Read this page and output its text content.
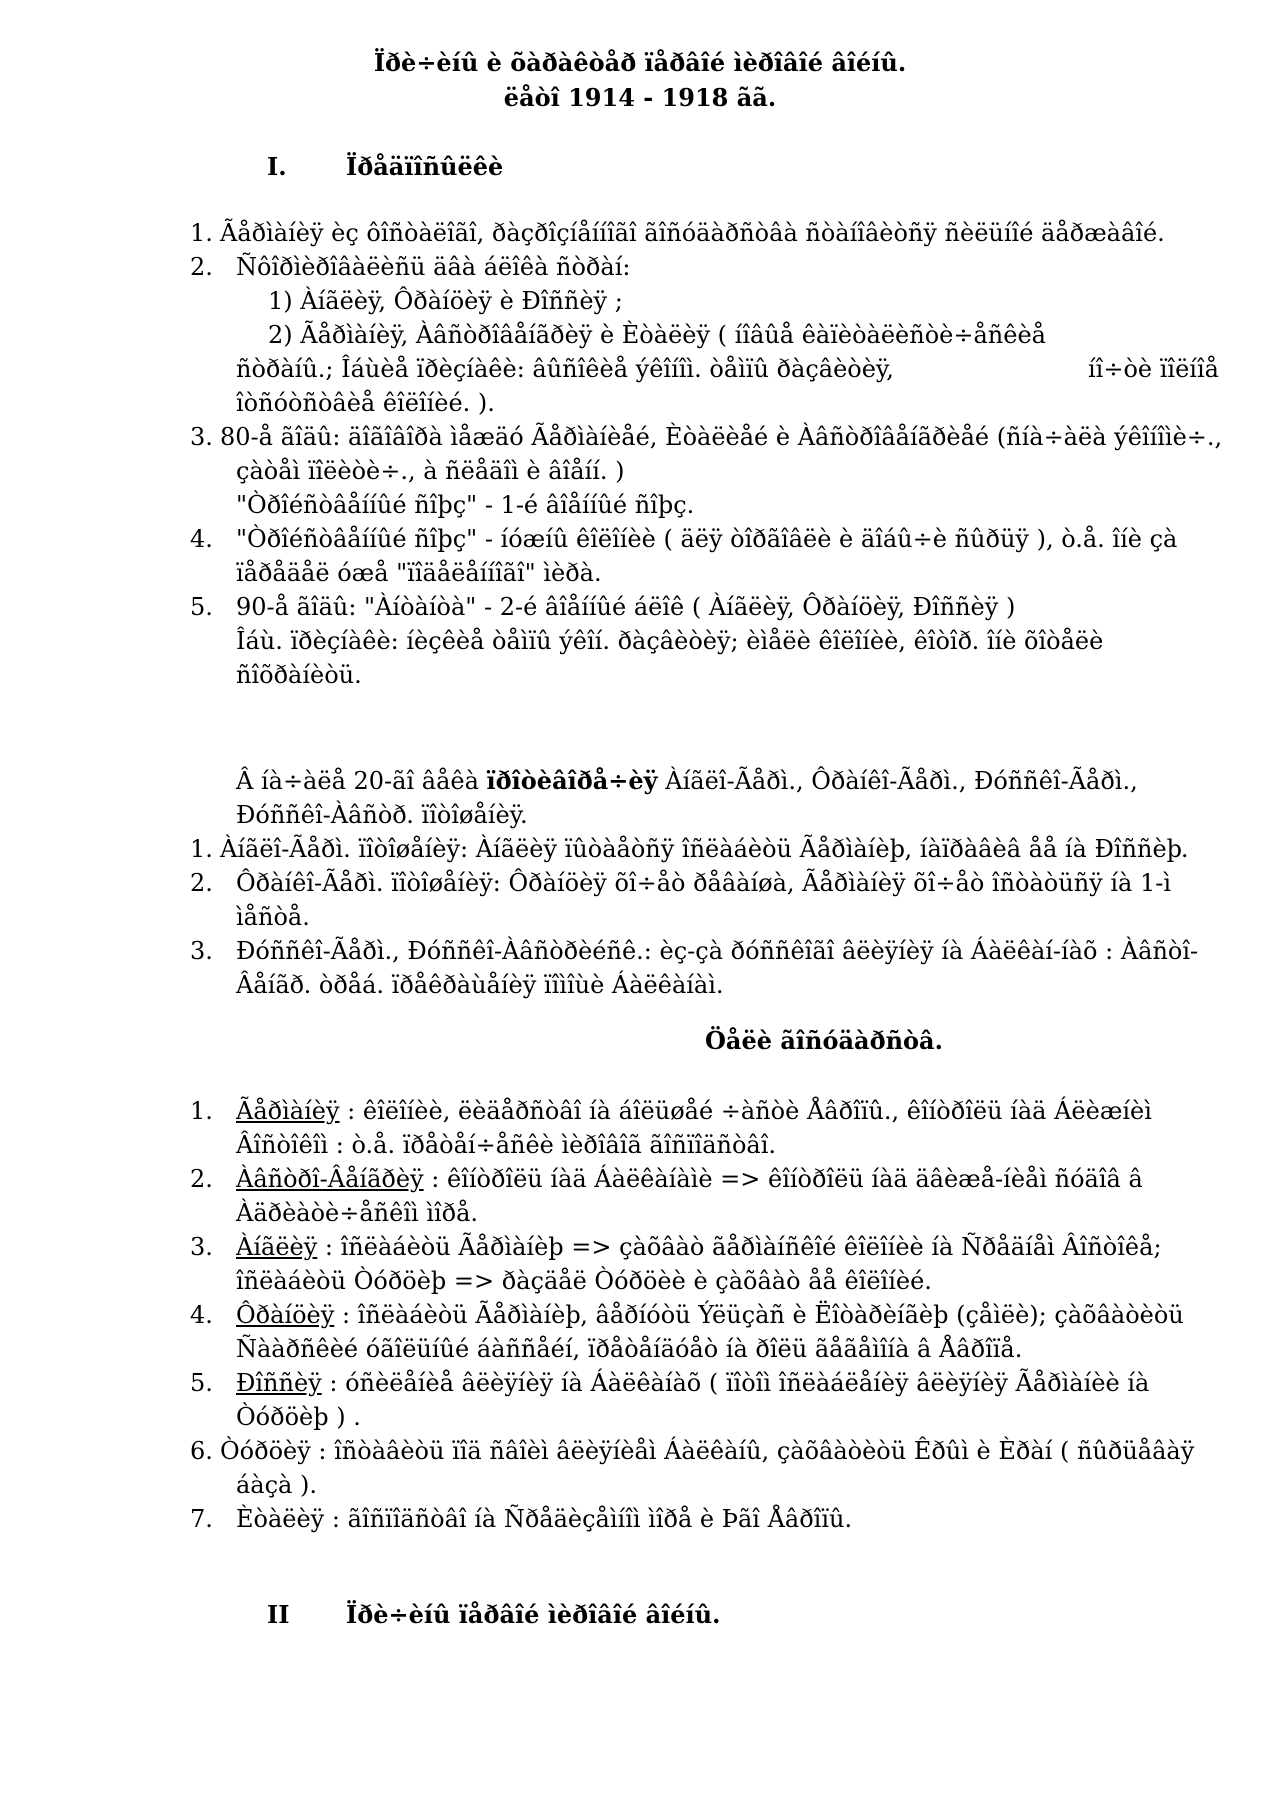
Ïðè÷èíû è õàðàêòåð ïåðâîé ìèðîâîé âîéíû.
ëåòî 1914 - 1918 ãã.
I. Ïðåäïîñûëêè
1. Ãåðìàíèÿ èç ôîñòàëîãî, ðàçðîçíåííîãî ãîñóäàðñòâà ñòàíîâèòñÿ ñèëüíîé äåðæàâîé.
2. Ñôîðìèðîâàëèñü äâà áëîêà ñòðàí:
1) Àíãëèÿ, Ôðàíöèÿ è Ðîññèÿ ;
2) Ãåðìàíèÿ, Àâñòðîâåíãðèÿ è Èòàëèÿ ( íîâûå êàïèòàëèñòè÷åñêèå
ñòðàíû.; Îáùèå ïðèçíàêè: âûñîêèå ýêîíîì. òåìïû ðàçâèòèÿ,	íî÷òè ïîëíîå
îòñóòñòâèå êîëîíèé. ).
3. 80-å ãîäû: äîãîâîðà ìåæäó Ãåðìàíèåé, Èòàëèåé è Àâñòðîâåíãðèåé (ñíà÷àëà ýêîíîìè÷.,
çàòåì ïîëèòè÷., à ñëåäîì è âîåíí. )
"Òðîéñòâåííûé ñîþç" - 1-é âîåííûé ñîþç.
4. "Òðîéñòâåííûé ñîþç" - íóæíû êîëîíèè ( äëÿ òîðãîâëè è äîáû÷è ñûðüÿ ), ò.å. îíè çà
ïåðåäåë óæå "ïîäåëåííîãî" ìèðà.
5. 90-å ãîäû: "Àíòàíòà" - 2-é âîåííûé áëîê ( Àíãëèÿ, Ôðàíöèÿ, Ðîññèÿ )
Îáù. ïðèçíàêè: íèçêèå òåìïû ýêîí. ðàçâèòèÿ; èìåëè êîëîíèè, êîòîð. îíè õîòåëè
ñîõðàíèòü.
Â íà÷àëå 20-ãî âåêà ïðîòèâîðå÷èÿ Àíãëî-Ãåðì., Ôðàíêî-Ãåðì., Ðóññêî-Ãåðì.,
Ðóññêî-Àâñòð. ïîòîøåíèÿ.
1. Àíãëî-Ãåðì. ïîòîøåíèÿ: Àíãëèÿ ïûòàåòñÿ îñëàáèòü Ãåðìàíèþ, íàïðàâèâ åå íà Ðîññèþ.
2. Ôðàíêî-Ãåðì. ïîòîøåíèÿ: Ôðàíöèÿ õî÷åò ðåâàíøà, Ãåðìàíèÿ õî÷åò îñòàòüñÿ íà 1-ì
ìåñòå.
3. Ðóññêî-Ãåðì., Ðóññêî-Àâñòðèéñê.: èç-çà ðóññêîãî âëèÿíèÿ íà Áàëêàí-íàõ : Àâñòî-
Âåíãð. òðåá. ïðåêðàùåíèÿ ïîìîùè Áàëêàíàì.
Öåëè ãîñóäàðñòâ.
1. Ãåðìàíèÿ : êîëîíèè, ëèäåðñòâî íà áîëüøåé ÷àñòè Åâðîïû., êîíòðîëü íàä Áëèæíèì
Âîñòîêîì : ò.å. ïðåòåí÷åñêè ìèðîâîã ãîñïîäñòâî.
2. Àâñòðî-Âåíãðèÿ : êîíòðîëü íàä Áàëêàíàìè => êîíòðîëü íàä äâèæå-íèåì ñóäîâ â
Àäðèàòè÷åñêîì ìîðå.
3. Àíãëèÿ : îñëàáèòü Ãåðìàíèþ => çàõâàò ãåðìàíñêîé êîëîíèè íà Ñðåäíåì Âîñòîêå;
îñëàáèòü Òóðöèþ => ðàçäåë Òóðöèè è çàõâàò åå êîëîíèé.
4. Ôðàíöèÿ : îñëàáèòü Ãåðìàíèþ, âåðíóòü Ýëüçàñ è Ëîòàðèíãèþ (çåìëè); çàõâàòèòü
Ñààðñêèé óãîëüíûé áàññåéí, ïðåòåíäóåò íà ðîëü ãåãåìîíà â Åâðîïå.
5. Ðîññèÿ : óñèëåíèå âëèÿíèÿ íà Áàëêàíàõ ( ïîòîì îñëàáëåíèÿ âëèÿíèÿ Ãåðìàíèè íà
Òóðöèþ ) .
6. Òóðöèÿ : îñòàâèòü ïîä ñâîèì âëèÿíèåì Áàëêàíû, çàõâàòèòü Êðûì è Èðàí ( ñûðüåâàÿ
áàçà ).
7. Èòàëèÿ : ãîñïîäñòâî íà Ñðåäèçåìíîì ìîðå è Þãî Åâðîïû.
II Ïðè÷èíû ïåðâîé ìèðîâîé âîéíû.
